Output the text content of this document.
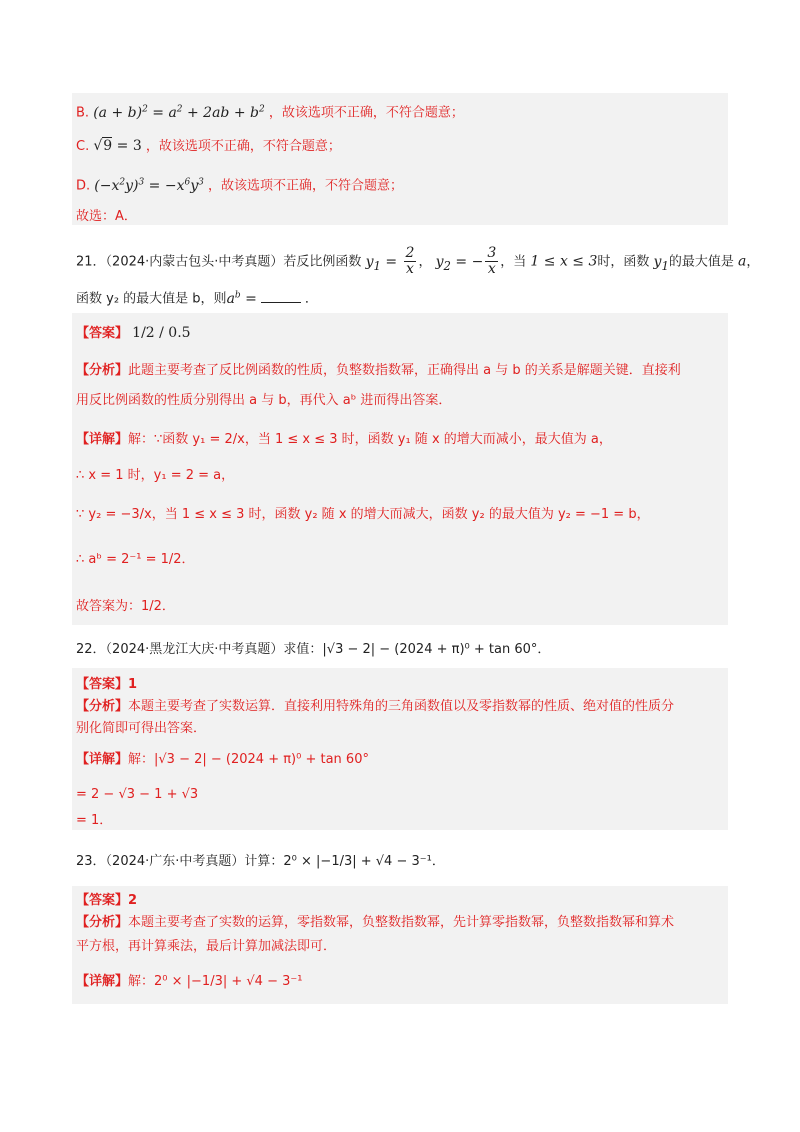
B. $(a + b)^2 = a^2 + 2ab + b^2$ ，故该选项不正确，不符合题意；
C. √9 = 3 ，故该选项不正确，不符合题意；
D. $(-x^2y)^3 = -x^6y^3$ ，故该选项不正确，不符合题意；
故选：A．
21．（2024·内蒙古包头·中考真题）若反比例函数 $y_1 = \frac{2}{x}$ ， $y_2$ = − $\frac{3}{x}$ ，当 1 ≤ x ≤ 3时，函数 $y_1$的最大值是 a，
函数 y₂ 的最大值是 b，则$a^b$ =	．
【答案】 1/2 / 0.5
【分析】此题主要考查了反比例函数的性质，负整数指数幂，正确得出 a 与 b 的关系是解题关键．直接利
用反比例函数的性质分别得出 a 与 b，再代入 aᵇ 进而得出答案．
【详解】解：∵函数 y₁ = 2/x，当 1 ≤ x ≤ 3 时，函数 y₁ 随 x 的增大而减小，最大值为 a，
∴ x = 1 时，y₁ = 2 = a，
∵ y₂ = −3/x，当 1 ≤ x ≤ 3 时，函数 y₂ 随 x 的增大而减大，函数 y₂ 的最大值为 y₂ = −1 = b，
∴ aᵇ = 2⁻¹ = 1/2．
故答案为：1/2．
22．（2024·黑龙江大庆·中考真题）求值：|√3 − 2| − (2024 + π)⁰ + tan 60°．
【答案】1
【分析】本题主要考查了实数运算．直接利用特殊角的三角函数值以及零指数幂的性质、绝对值的性质分
别化简即可得出答案．
【详解】解：|√3 − 2| − (2024 + π)⁰ + tan 60°
= 2 − √3 − 1 + √3
= 1．
23．（2024·广东·中考真题）计算：2⁰ × |−1/3| + √4 − 3⁻¹．
【答案】2
【分析】本题主要考查了实数的运算，零指数幂，负整数指数幂，先计算零指数幂，负整数指数幂和算术
平方根，再计算乘法，最后计算加减法即可．
【详解】解：2⁰ × |−1/3| + √4 − 3⁻¹
